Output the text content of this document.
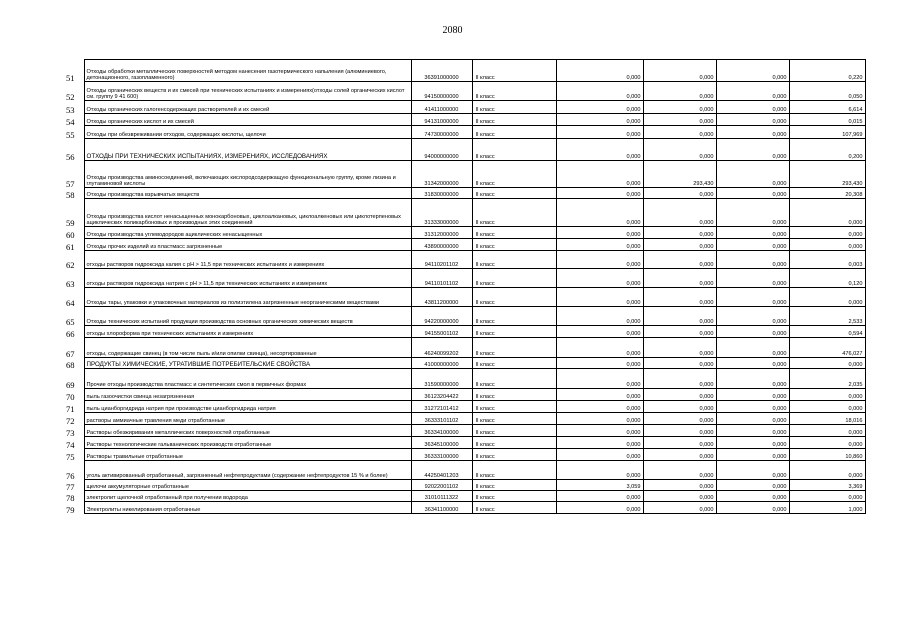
2080
51	Отходы обработки металлических поверхностей методом нанесения газотермического напыления (алюминиевого, детонационного, газопламенного)	36391000000	II класс	0,000	0,000	0,000	0,220
52	Отходы органических веществ и их смесей при технических испытаниях и измерениях(отходы солей органических кислот см. группу 9 41 600)	94150000000	II класс	0,000	0,000	0,000	0,050
53	Отходы органических галогенсодержащих растворителей и их смесей	41411000000	II класс	0,000	0,000	0,000	6,614
54	Отходы органических кислот и их смесей	94131000000	II класс	0,000	0,000	0,000	0,015
55	Отходы при обезвреживании отходов, содержащих кислоты, щелочи	74730000000	II класс	0,000	0,000	0,000	107,969
56	ОТХОДЫ ПРИ ТЕХНИЧЕСКИХ ИСПЫТАНИЯХ, ИЗМЕРЕНИЯХ, ИССЛЕДОВАНИЯХ	94000000000	II класс	0,000	0,000	0,000	0,200
57	Отходы производства аминосоединений, включающих кислородсодержащую функциональную группу, кроме лизина и глутаминовой кислоты	31342000000	II класс	0,000	293,430	0,000	293,430
58	Отходы производства взрывчатых веществ	31830000000	II класс	0,000	0,000	0,000	20,308
59	Отходы производства кислот ненасыщенных монокарбоновых, циклоалкановых, циклоалкеновых или циклотерпеновых ациклических поликарбоновых и производных этих соединений	31333000000	II класс	0,000	0,000	0,000	0,000
60	Отходы производства углеводородов ациклических ненасыщенных	31312000000	II класс	0,000	0,000	0,000	0,000
61	Отходы прочих изделий из пластмасс загрязненные	43890000000	II класс	0,000	0,000	0,000	0,000
62	отходы растворов гидроксида калия с pH > 11,5 при технических испытаниях и измерениях	94110201102	II класс	0,000	0,000	0,000	0,003
63	отходы растворов гидроксида натрия с pH > 11,5 при технических испытаниях и измерениях	94110101102	II класс	0,000	0,000	0,000	0,120
64	Отходы тары, упаковки и упаковочных материалов из полиэтилена загрязненные неорганическими веществами	43811200000	II класс	0,000	0,000	0,000	0,000
65	Отходы технических испытаний продукции производства основных органических химических веществ	94220000000	II класс	0,000	0,000	0,000	2,533
66	отходы хлороформа при технических испытаниях и измерениях	94155001102	II класс	0,000	0,000	0,000	0,594
67	отходы, содержащие свинец (в том числе пыль и/или опилки свинца), несортированные	46240099202	II класс	0,000	0,000	0,000	476,027
68	ПРОДУКТЫ ХИМИЧЕСКИЕ, УТРАТИВШИЕ ПОТРЕБИТЕЛЬСКИЕ СВОЙСТВА	41000000000	II класс	0,000	0,000	0,000	0,000
69	Прочие отходы производства пластмасс и синтетических смол в первичных формах	31590000000	II класс	0,000	0,000	0,000	2,035
70	пыль газоочистки свинца незагрязненная	36123204422	II класс	0,000	0,000	0,000	0,000
71	пыль цианборгидрида натрия при производстве цианборгидрида натрия	31272101412	II класс	0,000	0,000	0,000	0,000
72	растворы аммиачные травления меди отработанные	36333101102	II класс	0,000	0,000	0,000	18,016
73	Растворы обезжиривания металлических поверхностей отработанные	36334100000	II класс	0,000	0,000	0,000	0,000
74	Растворы технологические гальванических производств отработанные	36345100000	II класс	0,000	0,000	0,000	0,000
75	Растворы травильные отработанные	36333100000	II класс	0,000	0,000	0,000	10,860
76	уголь активированный отработанный, загрязненный нефтепродуктами (содержание нефтепродуктов 15 % и более)	44250401203	II класс	0,000	0,000	0,000	0,000
77	щелочи аккумуляторные отработанные	92022001102	II класс	3,059	0,000	0,000	3,369
78	электролит щелочной отработанный при получении водорода	31010111322	II класс	0,000	0,000	0,000	0,000
79	Электролиты никелирования отработанные	36341100000	II класс	0,000	0,000	0,000	1,000
